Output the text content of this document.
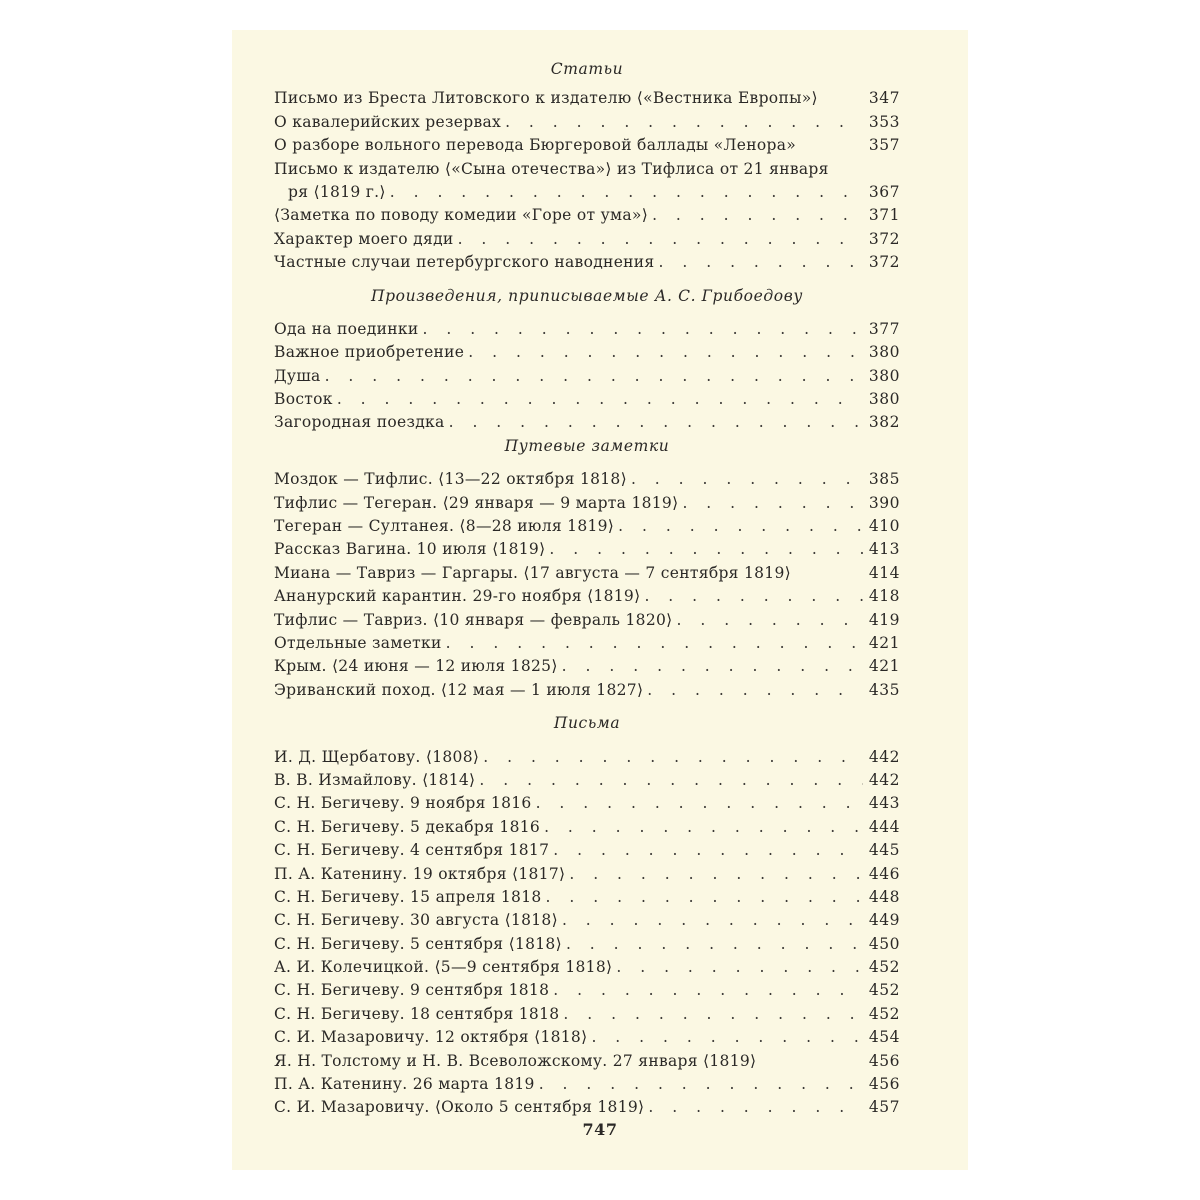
Статьи
Письмо из Бреста Литовского к издателю ⟨«Вестника Европы»⟩	347
О кавалерийских резервах . . .	353
О разборе вольного перевода Бюргеровой баллады «Ленора»	357
Письмо к издателю ⟨«Сына отечества»⟩ из Тифлиса от 21 января
ря ⟨1819 г.⟩ . . .	367
⟨Заметка по поводу комедии «Горе от ума»⟩ . . .	371
Характер моего дяди . . .	372
Частные случаи петербургского наводнения . . .	372
Произведения, приписываемые А. С. Грибоедову
Ода на поединки . . .	377
Важное приобретение . . .	380
Душа . . .	380
Восток . . .	380
Загородная поездка . . .	382
Путевые заметки
Моздок — Тифлис. ⟨13—22 октября 1818⟩ . . .	385
Тифлис — Тегеран. ⟨29 января — 9 марта 1819⟩ . . .	390
Тегеран — Султанея. ⟨8—28 июля 1819⟩ . . .	410
Рассказ Вагина. 10 июля ⟨1819⟩ . . .	413
Миана — Тавриз — Гаргары. ⟨17 августа — 7 сентября 1819⟩	414
Ананурский карантин. 29-го ноября ⟨1819⟩ . . .	418
Тифлис — Тавриз. ⟨10 января — февраль 1820⟩ . . .	419
Отдельные заметки . . .	421
Крым. ⟨24 июня — 12 июля 1825⟩ . . .	421
Эриванский поход. ⟨12 мая — 1 июля 1827⟩ . . .	435
Письма
И. Д. Щербатову. ⟨1808⟩ . . .	442
В. В. Измайлову. ⟨1814⟩ . . .	442
С. Н. Бегичеву. 9 ноября 1816 . . .	443
С. Н. Бегичеву. 5 декабря 1816 . . .	444
С. Н. Бегичеву. 4 сентября 1817 . . .	445
П. А. Катенину. 19 октября ⟨1817⟩ . . .	446
С. Н. Бегичеву. 15 апреля 1818 . . .	448
С. Н. Бегичеву. 30 августа ⟨1818⟩ . . .	449
С. Н. Бегичеву. 5 сентября ⟨1818⟩ . . .	450
А. И. Колечицкой. ⟨5—9 сентября 1818⟩ . . .	452
С. Н. Бегичеву. 9 сентября 1818 . . .	452
С. Н. Бегичеву. 18 сентября 1818 . . .	452
С. И. Мазаровичу. 12 октября ⟨1818⟩ . . .	454
Я. Н. Толстому и Н. В. Всеволожскому. 27 января ⟨1819⟩	456
П. А. Катенину. 26 марта 1819 . . .	456
С. И. Мазаровичу. ⟨Около 5 сентября 1819⟩ . . .	457
747
